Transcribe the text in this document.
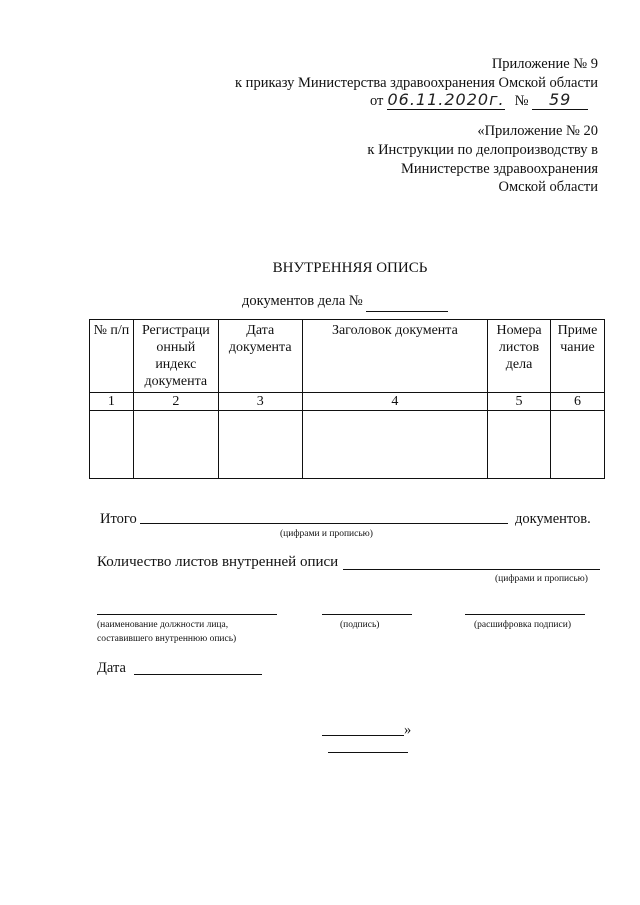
Приложение № 9
к приказу Министерства здравоохранения Омской области
от 06.11.2020г. № 59
«Приложение № 20
к Инструкции по делопроизводству в
Министерстве здравоохранения
Омской области
ВНУТРЕННЯЯ ОПИСЬ
документов дела №
№ п/п	Регистраци онный индекс документа	Дата документа	Заголовок документа	Номера листов дела	Приме чание
1	2	3	4	5	6

Итого	документов.
(цифрами и прописью)
Количество листов внутренней описи
(цифрами и прописью)
(наименование должности лица,
составившего внутреннюю опись)
(подпись)	(расшифровка подписи)
Дата
»
